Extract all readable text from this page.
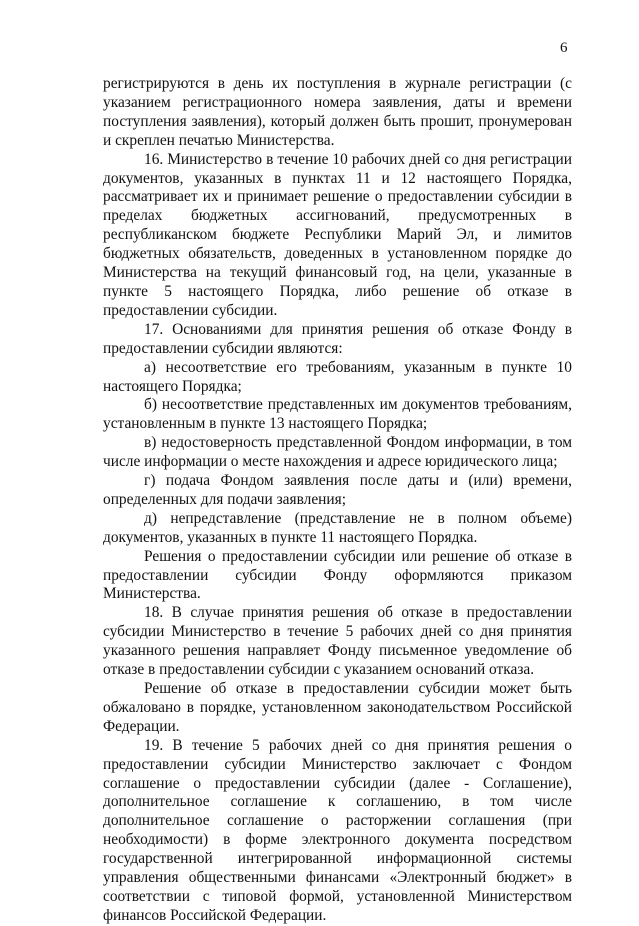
6

регистрируются в день их поступления в журнале регистрации (с указанием регистрационного номера заявления, даты и времени поступления заявления), который должен быть прошит, пронумерован и скреплен печатью Министерства.

16. Министерство в течение 10 рабочих дней со дня регистрации документов, указанных в пунктах 11 и 12 настоящего Порядка, рассматривает их и принимает решение о предоставлении субсидии в пределах бюджетных ассигнований, предусмотренных в республиканском бюджете Республики Марий Эл, и лимитов бюджетных обязательств, доведенных в установленном порядке до Министерства на текущий финансовый год, на цели, указанные в пункте 5 настоящего Порядка, либо решение об отказе в предоставлении субсидии.

17. Основаниями для принятия решения об отказе Фонду в предоставлении субсидии являются:

а) несоответствие его требованиям, указанным в пункте 10 настоящего Порядка;

б) несоответствие представленных им документов требованиям, установленным в пункте 13 настоящего Порядка;

в) недостоверность представленной Фондом информации, в том числе информации о месте нахождения и адресе юридического лица;

г) подача Фондом заявления после даты и (или) времени, определенных для подачи заявления;

д) непредставление (представление не в полном объеме) документов, указанных в пункте 11 настоящего Порядка.

Решения о предоставлении субсидии или решение об отказе в предоставлении субсидии Фонду оформляются приказом Министерства.

18. В случае принятия решения об отказе в предоставлении субсидии Министерство в течение 5 рабочих дней со дня принятия указанного решения направляет Фонду письменное уведомление об отказе в предоставлении субсидии с указанием оснований отказа.

Решение об отказе в предоставлении субсидии может быть обжаловано в порядке, установленном законодательством Российской Федерации.

19. В течение 5 рабочих дней со дня принятия решения о предоставлении субсидии Министерство заключает с Фондом соглашение о предоставлении субсидии (далее - Соглашение), дополнительное соглашение к соглашению, в том числе дополнительное соглашение о расторжении соглашения (при необходимости) в форме электронного документа посредством государственной интегрированной информационной системы управления общественными финансами «Электронный бюджет» в соответствии с типовой формой, установленной Министерством финансов Российской Федерации.
